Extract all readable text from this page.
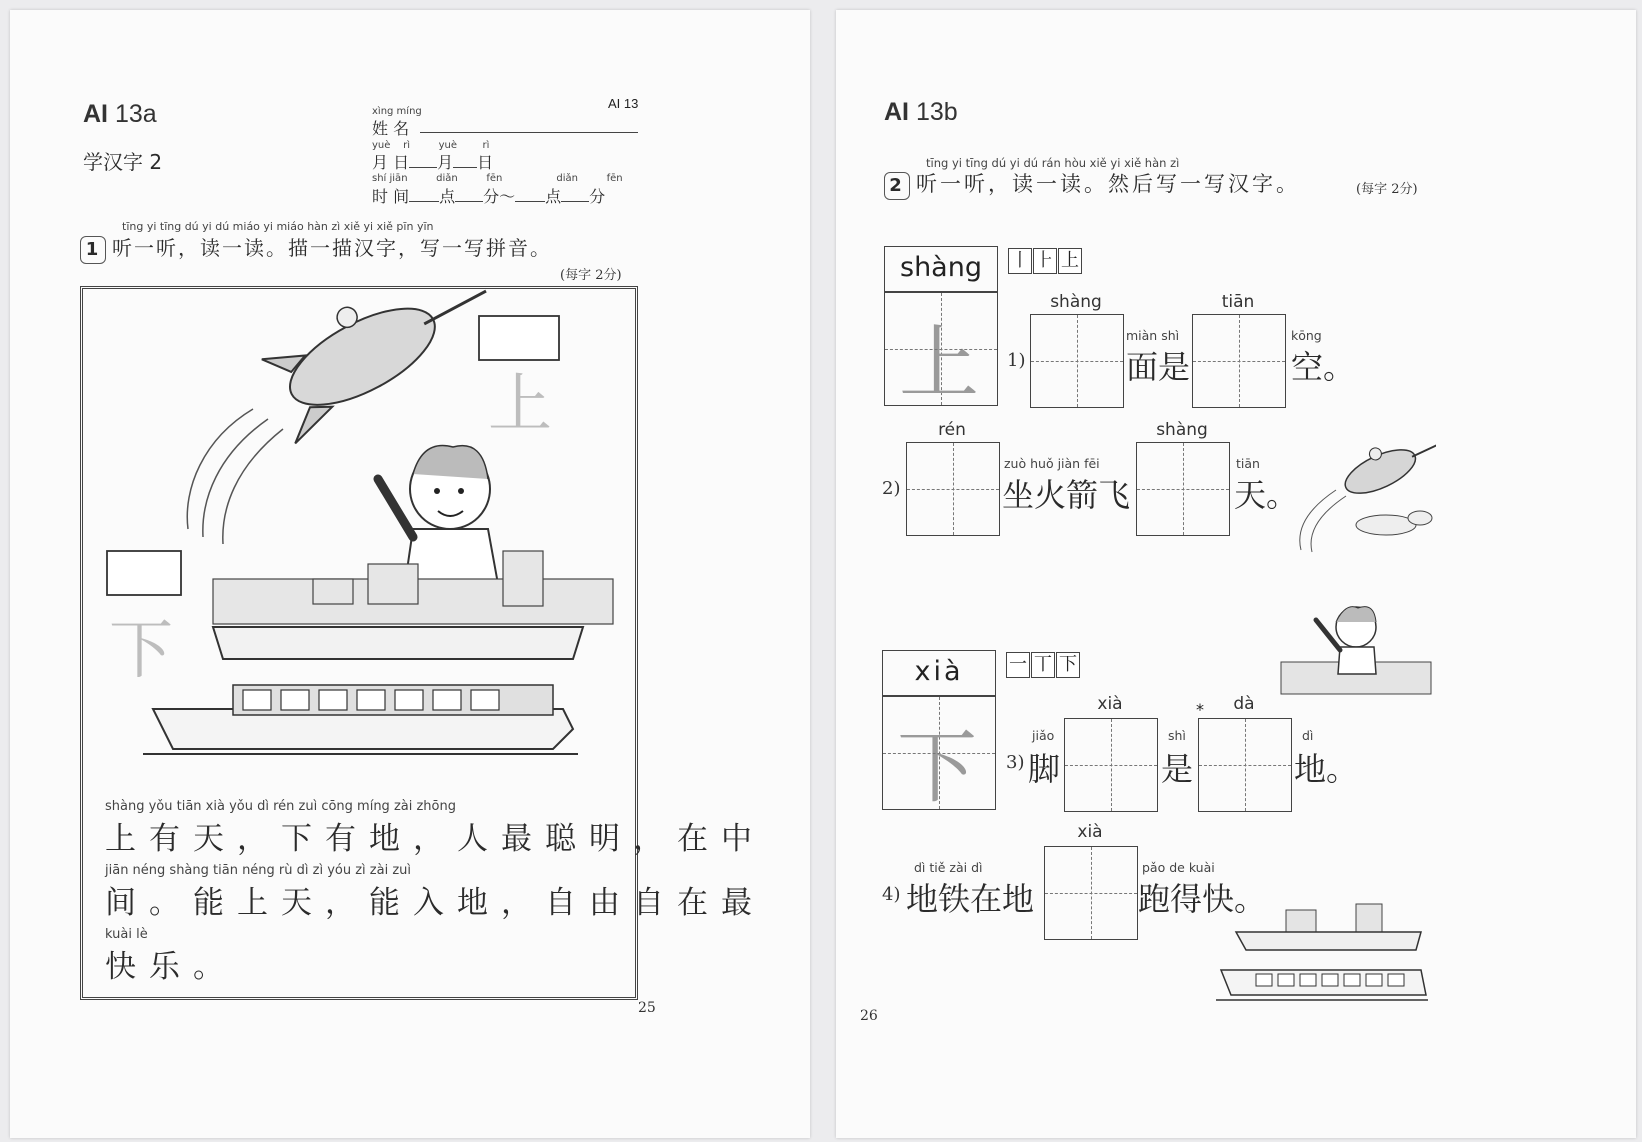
AI 13a	AI 13
学汉字 2
xìng míng
姓 名
yuè rì	yuè	rì
月 日 月 日
shí jiān	diǎn	fēn	diǎn	fēn
时 间 点 分～ 点 分
tīng yi tīng dú yi dú miáo yi miáo hàn zì xiě yi xiě pīn yīn
1 听一听，读一读。描一描汉字，写一写拼音。
(每字 2分)
上
下
shàng yǒu tiān xià yǒu dì rén zuì cōng míng zài zhōng
上有天，下有地，人最聪明，在中
jiān néng shàng tiān néng rù dì zì yóu zì zài zuì
间。能上天，能入地，自由自在最
kuài lè
快乐。
25
AI 13b
tīng yi tīng dú yi dú rán hòu xiě yi xiě hàn zì
2 听一听，读一读。然后写一写汉字。	(每字 2分)
shàng
上
丨 ⺊ 上
1)
shàng
miàn shì
面是
tiān
kōng
空。
2)
rén
zuò huǒ jiàn fēi
坐火箭飞
shàng
tiān
天。
xià
下
一 丅 下
3)
jiǎo
脚
xià
shì
是
*	dà
dì
地。
4)
dì tiě zài dì
地铁在地
xià
pǎo de kuài
跑得快。
26
